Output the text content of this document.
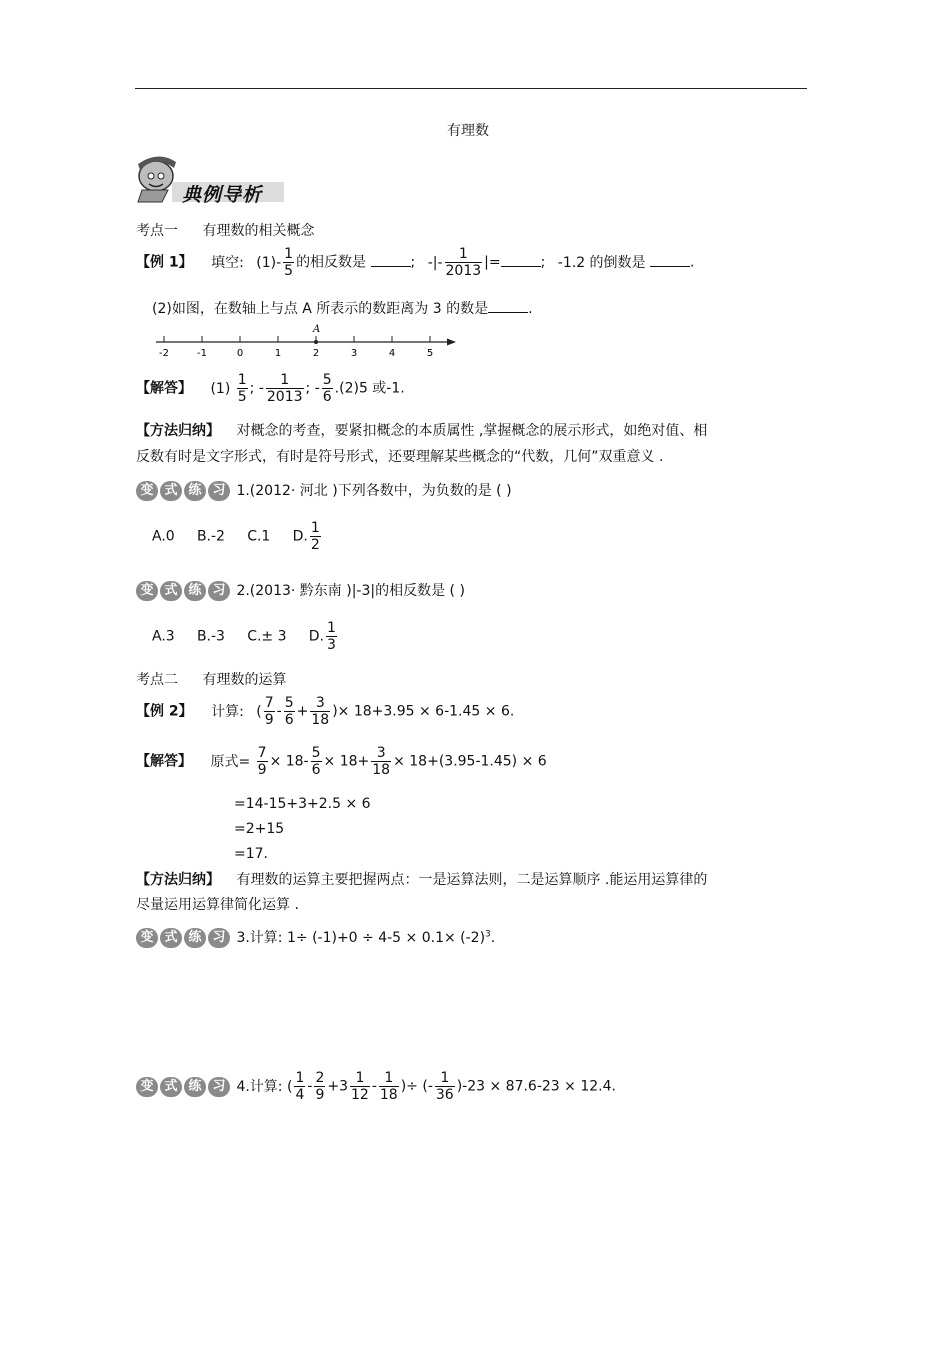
有理数
典例导析
考点一 有理数的相关概念
【例 1】 填空: $(1)- \frac{1}{5}$ 的相反数是	; -|- $\frac{1}{2013}$ |=	; -1.2 的倒数是	.
(2)如图，在数轴上与点 A 所表示的数距离为 3 的数是	.
A
-2	-1	0	1	2	3	4	5
【解答】 $(1) \frac{1}{5}$ ; - $\frac{1}{2013}$ ; - $\frac{5}{6} .(2)5$ 或-1.
【方法归纳】 对概念的考查，要紧扣概念的本质属性 ,掌握概念的展示形式，如绝对值、相
反数有时是文字形式，有时是符号形式，还要理解某些概念的“代数，几何”双重意义 .
变 式 练 习 1.(2012· 河北 )下列各数中，为负数的是 ( )
A.0     B.-2     C.1     D. $\frac{1}{2}$
变 式 练 习 2.(2013· 黔东南 )|-3|的相反数是 ( )
A.3     B.-3     C.± 3     D. $\frac{1}{3}$
考点二 有理数的运算
【例 2】 计算: ( $\frac{7}{9} - \frac{5}{6} + \frac{3}{18}$ )× 18+3.95 × 6-1.45 × 6.
【解答】 原式= $\frac{7}{9} \times 18- \frac{5}{6} \times 18+ \frac{3}{18} \times 18+(3.95-1.45) \times 6$
=14-15+3+2.5 × 6
=2+15
=17.
【方法归纳】 有理数的运算主要把握两点：一是运算法则，二是运算顺序 .能运用运算律的
尽量运用运算律简化运算 .
变 式 练 习 3.计算: $1\div (-1)+0 \div 4-5 \times 0.1\times (-2)^3$.
变 式 练 习 4.计算: ( $\frac{1}{4} - \frac{2}{9} +3 \frac{1}{12} - \frac{1}{18}$ )÷ (- $\frac{1}{36} )-23 \times 87.6-23 \times 12.4$.
